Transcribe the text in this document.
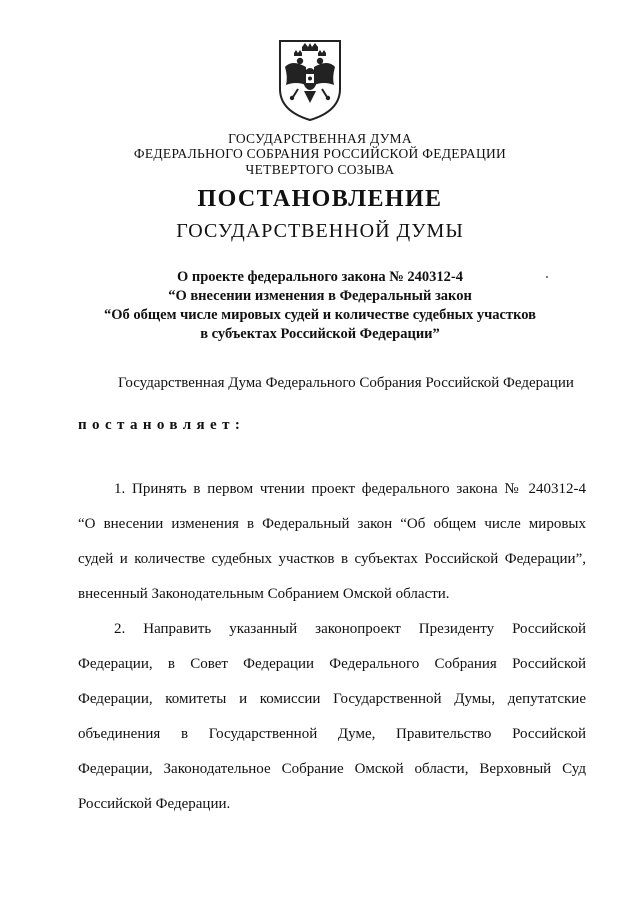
ГОСУДАРСТВЕННАЯ ДУМА
ФЕДЕРАЛЬНОГО СОБРАНИЯ РОССИЙСКОЙ ФЕДЕРАЦИИ
ЧЕТВЕРТОГО СОЗЫВА
ПОСТАНОВЛЕНИЕ
ГОСУДАРСТВЕННОЙ ДУМЫ
О проекте федерального закона № 240312-4
“О внесении изменения в Федеральный закон
“Об общем числе мировых судей и количестве судебных участков
в субъектах Российской Федерации”
Государственная Дума Федерального Собрания Российской Федерации
постановляет:
1. Принять в первом чтении проект федерального закона № 240312-4
“О внесении изменения в Федеральный закон “Об общем числе мировых
судей и количестве судебных участков в субъектах Российской Федерации”,
внесенный Законодательным Собранием Омской области.
2. Направить указанный законопроект Президенту Российской
Федерации, в Совет Федерации Федерального Собрания Российской
Федерации, комитеты и комиссии Государственной Думы, депутатские
объединения в Государственной Думе, Правительство Российской
Федерации, Законодательное Собрание Омской области, Верховный Суд
Российской Федерации.
